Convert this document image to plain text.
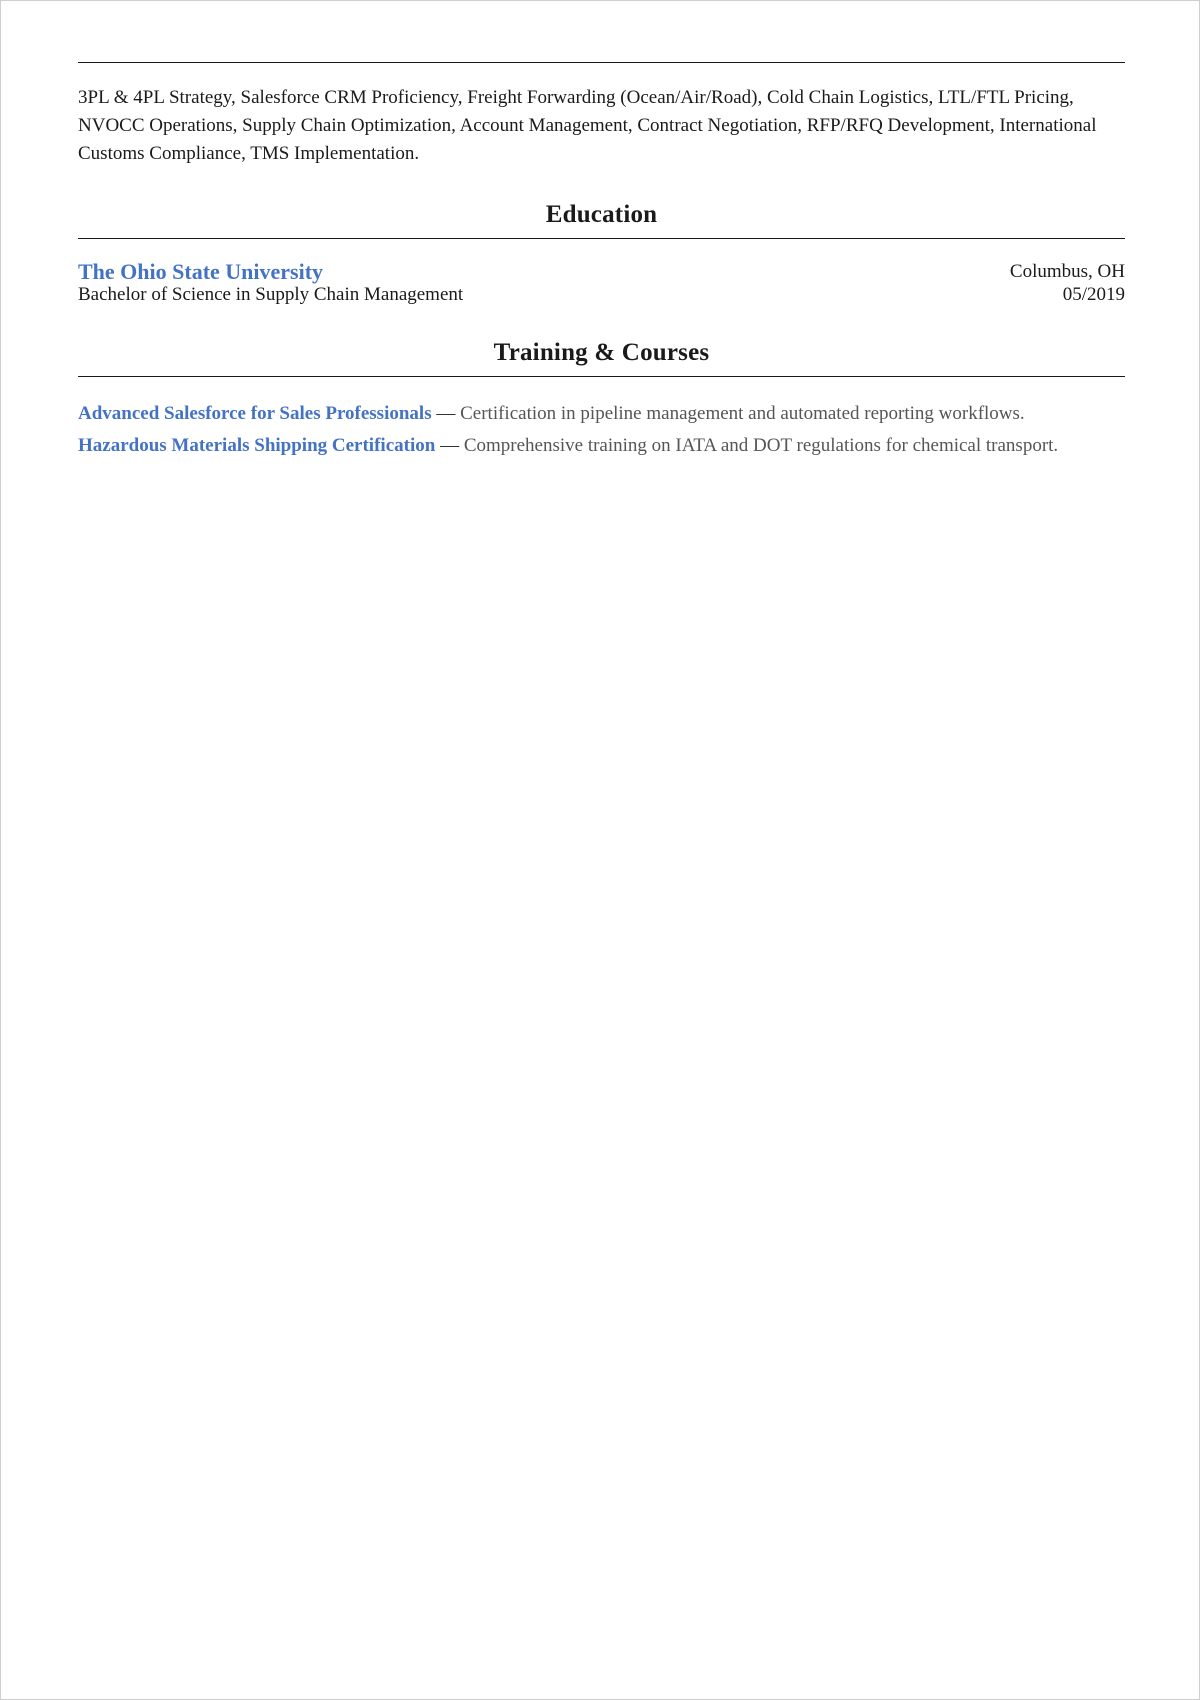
3PL & 4PL Strategy, Salesforce CRM Proficiency, Freight Forwarding (Ocean/Air/Road), Cold Chain Logistics, LTL/FTL Pricing, NVOCC Operations, Supply Chain Optimization, Account Management, Contract Negotiation, RFP/RFQ Development, International Customs Compliance, TMS Implementation.
Education
The Ohio State University
Bachelor of Science in Supply Chain Management
Columbus, OH
05/2019
Training & Courses
Advanced Salesforce for Sales Professionals — Certification in pipeline management and automated reporting workflows.
Hazardous Materials Shipping Certification — Comprehensive training on IATA and DOT regulations for chemical transport.
